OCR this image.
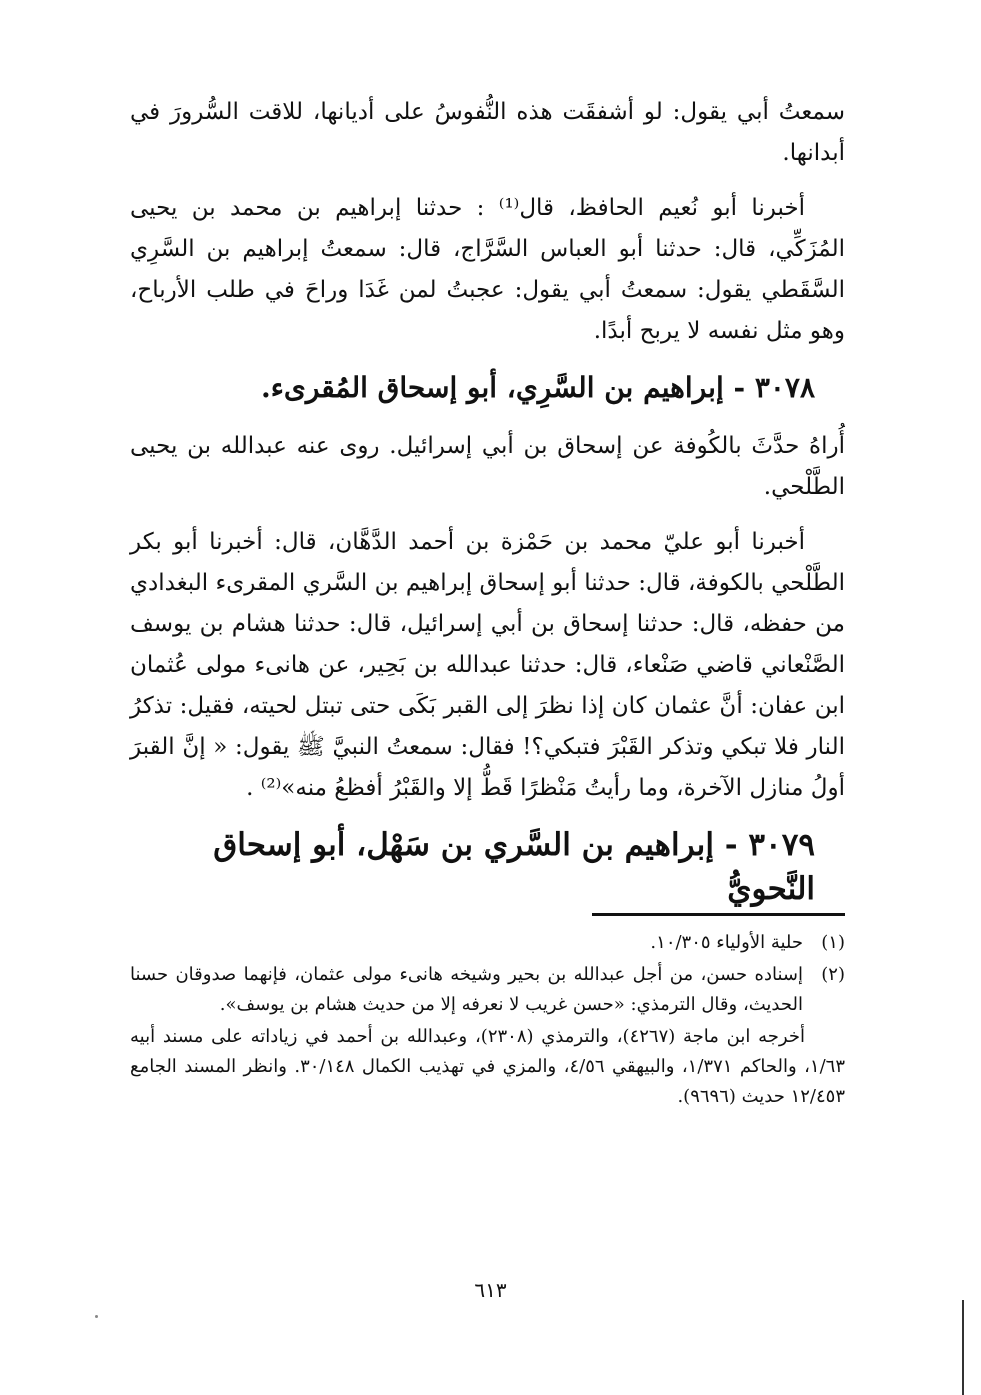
سمعتُ أبي يقول: لو أشفقَت هذه النُّفوسُ على أديانها، للاقت السُّرورَ في أبدانها.

أخبرنا أبو نُعيم الحافظ، قال⁽¹⁾ : حدثنا إبراهيم بن محمد بن يحيى المُزَكِّي، قال: حدثنا أبو العباس السَّرَّاج، قال: سمعتُ إبراهيم بن السَّرِي السَّقَطي يقول: سمعتُ أبي يقول: عجبتُ لمن غَدَا وراحَ في طلب الأرباح، وهو مثل نفسه لا يربح أبدًا.

٣٠٧٨ - إبراهيم بن السَّرِي، أبو إسحاق المُقرىء.

أُراهُ حدَّثَ بالكُوفة عن إسحاق بن أبي إسرائيل. روى عنه عبدالله بن يحيى الطَّلْحي.

أخبرنا أبو عليّ محمد بن حَمْزة بن أحمد الدَّهَّان، قال: أخبرنا أبو بكر الطَّلْحي بالكوفة، قال: حدثنا أبو إسحاق إبراهيم بن السَّري المقرىء البغدادي من حفظه، قال: حدثنا إسحاق بن أبي إسرائيل، قال: حدثنا هشام بن يوسف الصَّنْعاني قاضي صَنْعاء، قال: حدثنا عبدالله بن بَحِير، عن هانىء مولى عُثمان ابن عفان: أنَّ عثمان كان إذا نظرَ إلى القبر بَكَى حتى تبتل لحيته، فقيل: تذكرُ النار فلا تبكي وتذكر القَبْرَ فتبكي؟! فقال: سمعتُ النبيَّ ﷺ يقول: « إنَّ القبرَ أولُ منازل الآخرة، وما رأيتُ مَنْظرًا قَطُّ إلا والقَبْرُ أفظعُ منه»⁽²⁾ .

٣٠٧٩ - إبراهيم بن السَّري بن سَهْل، أبو إسحاق النَّحويُّ
(١)
حلية الأولياء ١٠/٣٠٥.
(٢)
إسناده حسن، من أجل عبدالله بن بحير وشيخه هانىء مولى عثمان، فإنهما صدوقان حسنا الحديث، وقال الترمذي: «حسن غريب لا نعرفه إلا من حديث هشام بن يوسف».
أخرجه ابن ماجة (٤٢٦٧)، والترمذي (٢٣٠٨)، وعبدالله بن أحمد في زياداته على مسند أبيه ١/٦٣، والحاكم ١/٣٧١، والبيهقي ٤/٥٦، والمزي في تهذيب الكمال ٣٠/١٤٨. وانظر المسند الجامع ١٢/٤٥٣ حديث (٩٦٩٦).
٦١٣
